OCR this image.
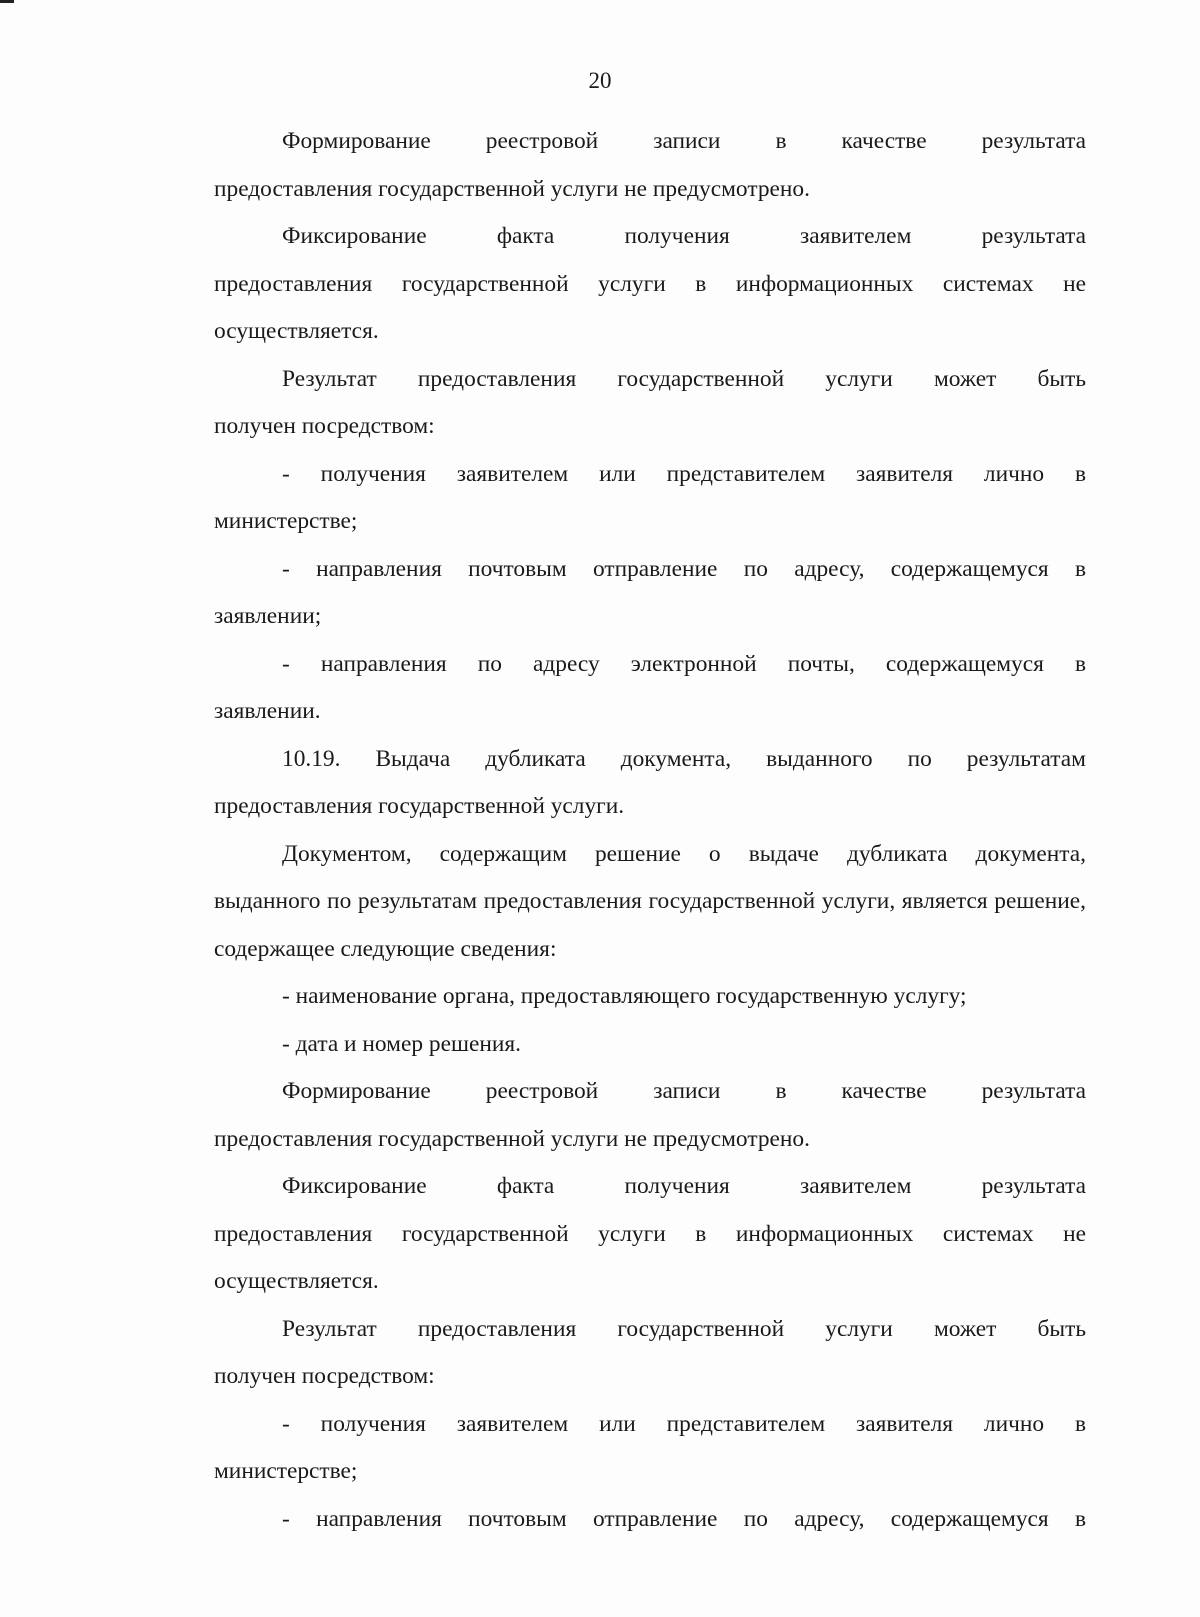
20

Формирование реестровой записи в качестве результата
предоставления государственной услуги не предусмотрено.

Фиксирование факта получения заявителем результата
предоставления государственной услуги в информационных системах не осуществляется.

Результат предоставления государственной услуги может быть
получен посредством:

- получения заявителем или представителем заявителя лично в
министерстве;

- направления почтовым отправление по адресу, содержащемуся в
заявлении;

- направления по адресу электронной почты, содержащемуся в
заявлении.

10.19. Выдача дубликата документа, выданного по результатам
предоставления государственной услуги.

Документом, содержащим решение о выдаче дубликата документа,
выданного по результатам предоставления государственной услуги, является решение, содержащее следующие сведения:

- наименование органа, предоставляющего государственную услугу;

- дата и номер решения.

Формирование реестровой записи в качестве результата
предоставления государственной услуги не предусмотрено.

Фиксирование факта получения заявителем результата
предоставления государственной услуги в информационных системах не осуществляется.

Результат предоставления государственной услуги может быть
получен посредством:

- получения заявителем или представителем заявителя лично в
министерстве;

- направления почтовым отправление по адресу, содержащемуся в
